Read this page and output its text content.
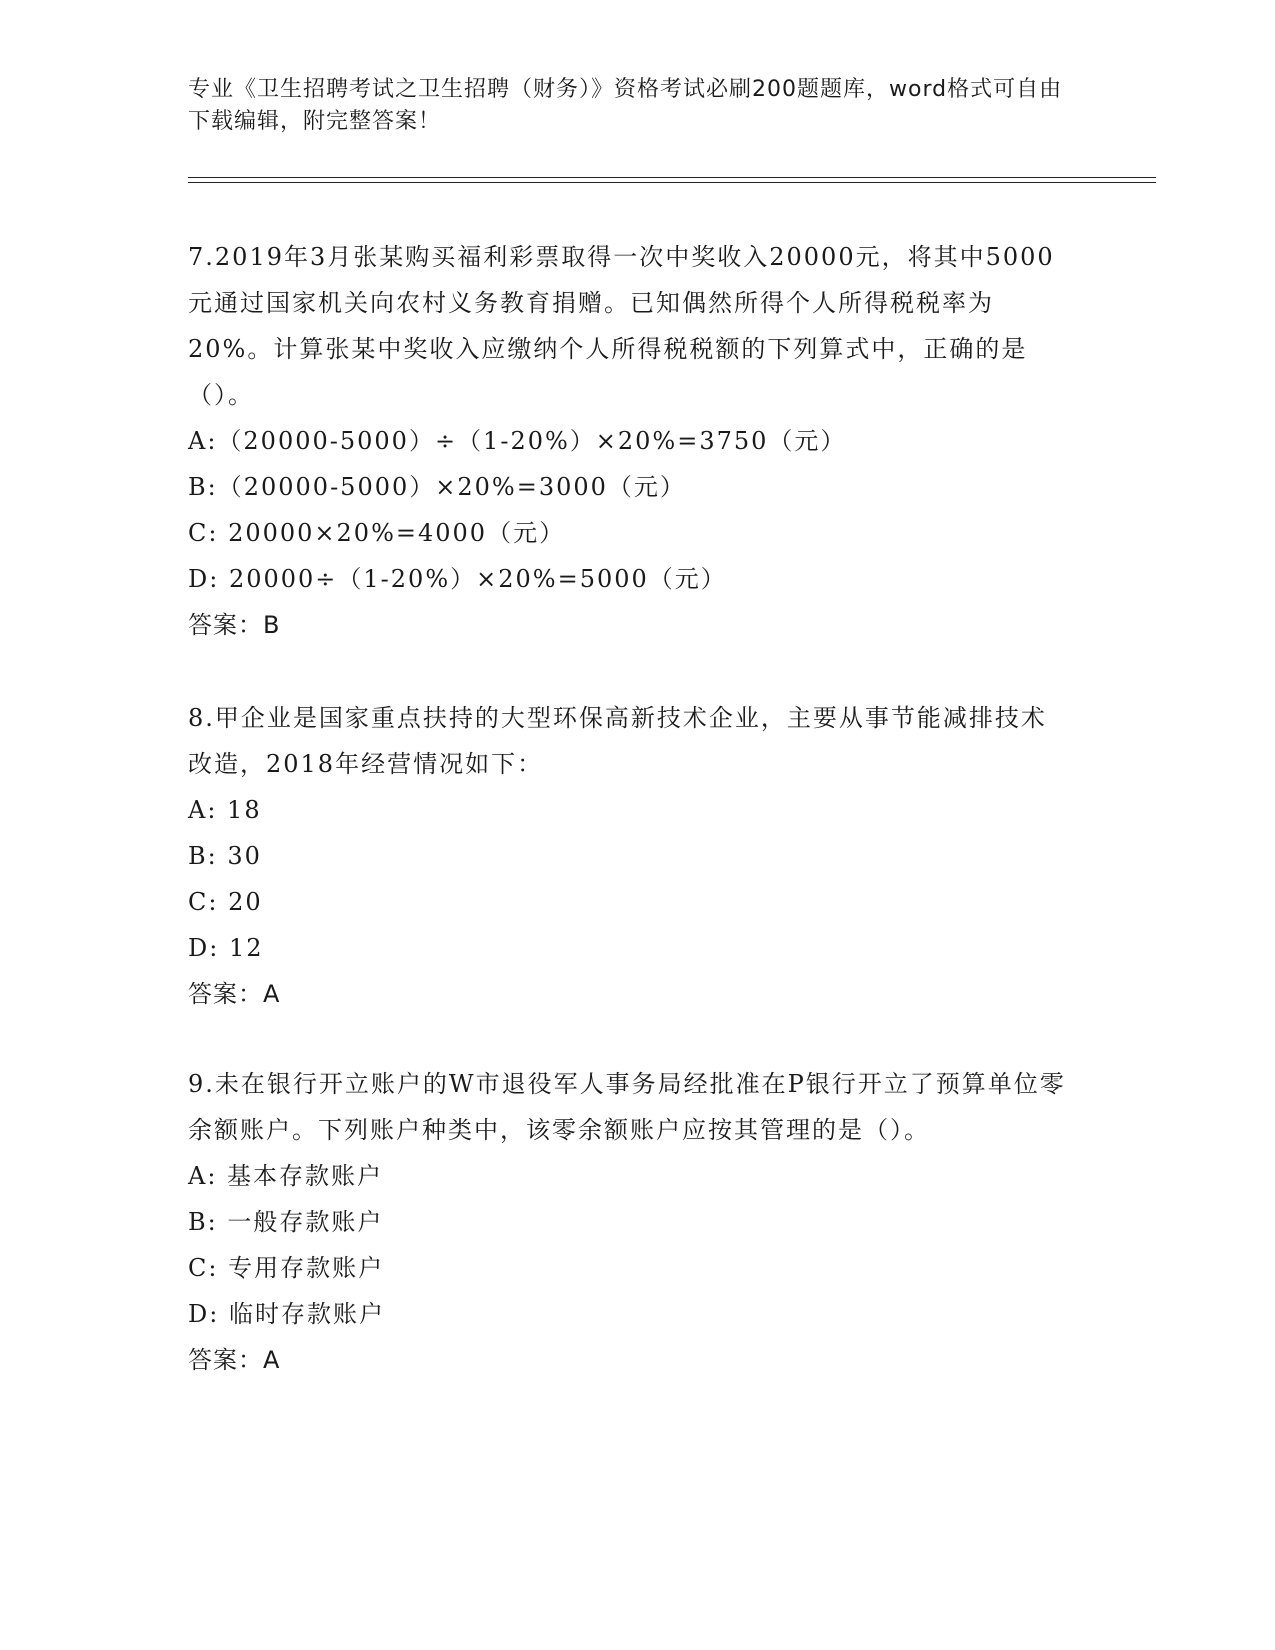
专业《卫生招聘考试之卫生招聘（财务）》资格考试必刷200题题库，word格式可自由下载编辑，附完整答案！

7.2019年3月张某购买福利彩票取得一次中奖收入20000元，将其中5000元通过国家机关向农村义务教育捐赠。已知偶然所得个人所得税税率为20%。计算张某中奖收入应缴纳个人所得税税额的下列算式中，正确的是（）。

A:（20000-5000）÷（1-20%）×20%=3750（元）

B:（20000-5000）×20%=3000（元）

C: 20000×20%=4000（元）

D: 20000÷（1-20%）×20%=5000（元）

答案：B

8.甲企业是国家重点扶持的大型环保高新技术企业，主要从事节能减排技术改造，2018年经营情况如下：

A: 18

B: 30

C: 20

D: 12

答案：A

9.未在银行开立账户的W市退役军人事务局经批准在P银行开立了预算单位零余额账户。下列账户种类中，该零余额账户应按其管理的是（）。

A: 基本存款账户

B: 一般存款账户

C: 专用存款账户

D: 临时存款账户

答案：A
